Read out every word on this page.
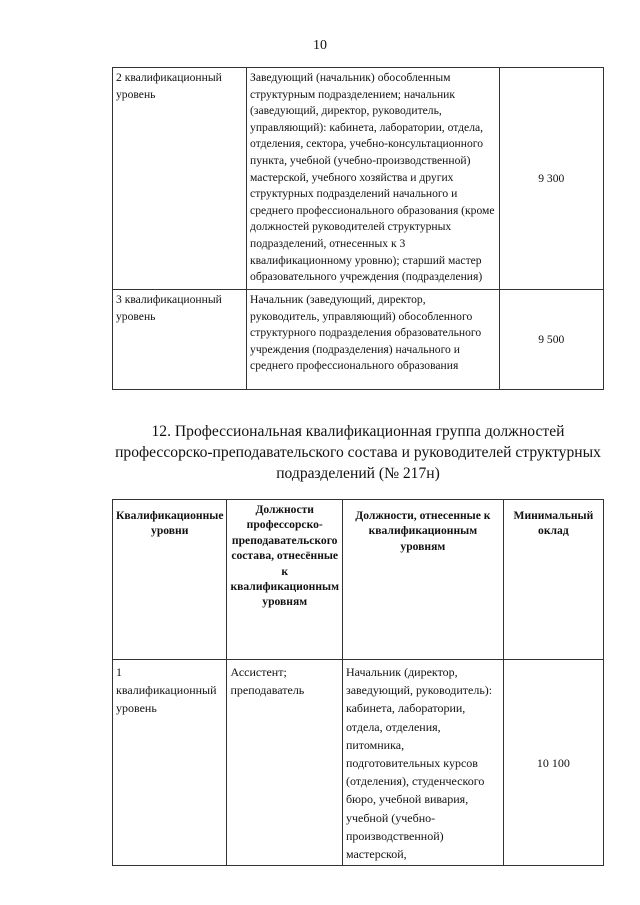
10
2 квалификационный уровень	Заведующий (начальник) обособленным структурным подразделением; начальник (заведующий, директор, руководитель, управляющий): кабинета, лаборатории, отдела, отделения, сектора, учебно-консультационного пункта, учебной (учебно-производственной) мастерской, учебного хозяйства и других структурных подразделений начального и среднего профессионального образования (кроме должностей руководителей структурных подразделений, отнесенных к 3 квалификационному уровню); старший мастер образовательного учреждения (подразделения)	9 300
3 квалификационный уровень	Начальник (заведующий, директор, руководитель, управляющий) обособленного структурного подразделения образовательного учреждения (подразделения) начального и среднего профессионального образования	9 500
12. Профессиональная квалификационная группа должностей профессорско-преподавательского состава и руководителей структурных подразделений (№ 217н)
Квалификационные уровни	Должности профессорско-преподавательского состава, отнесённые к квалификационным уровням	Должности, отнесенные к квалификационным уровням	Минимальный оклад
1 квалификационный уровень	Ассистент; преподаватель	Начальник (директор, заведующий, руководитель): кабинета, лаборатории, отдела, отделения, питомника, подготовительных курсов (отделения), студенческого бюро, учебной вивария, учебной (учебно-производственной) мастерской,	10 100
